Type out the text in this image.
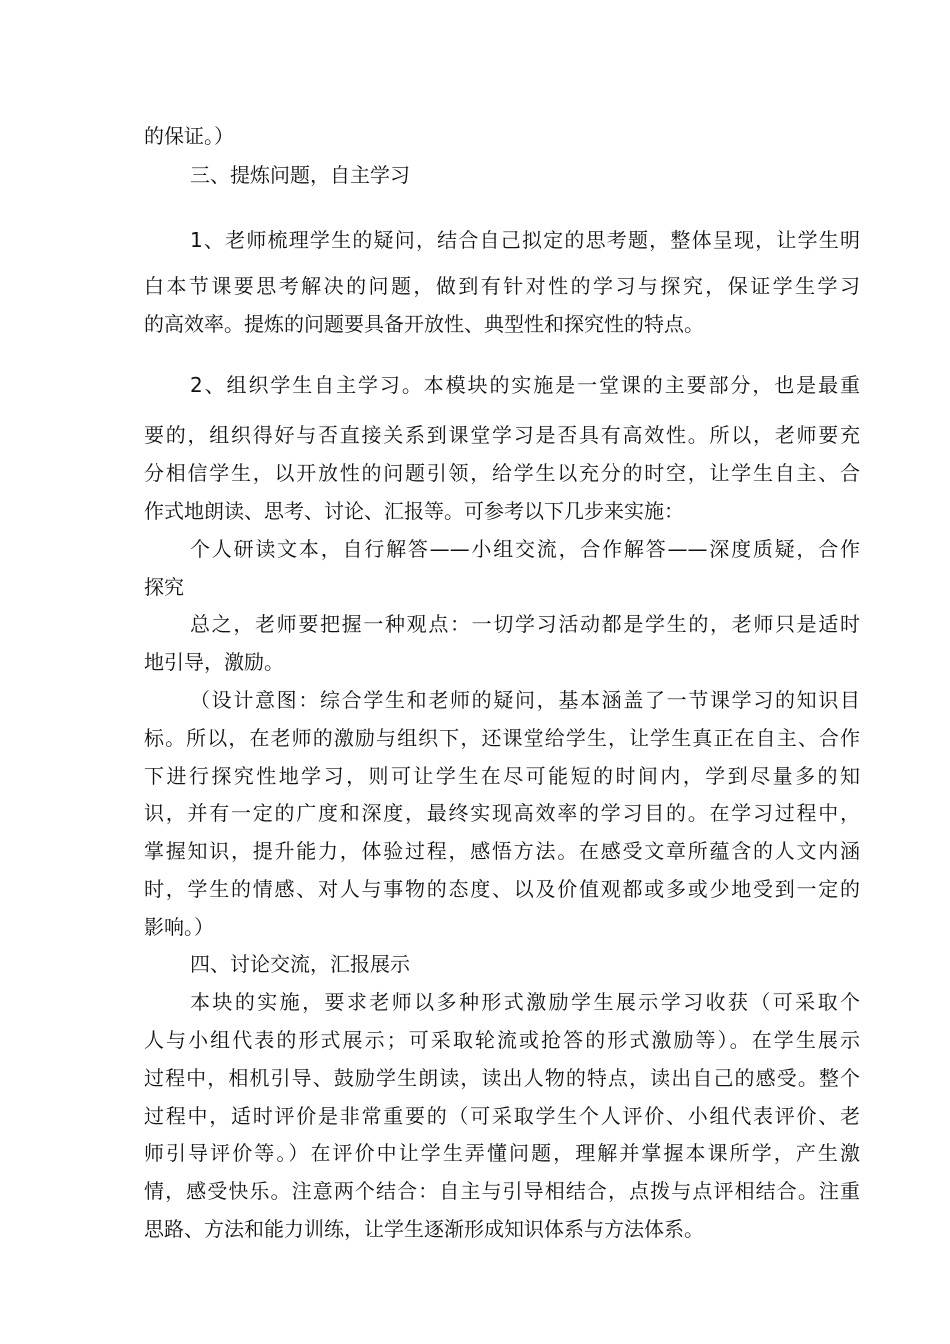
的保证。）
三、提炼问题，自主学习
1、老师梳理学生的疑问，结合自己拟定的思考题，整体呈现，让学生明
白本节课要思考解决的问题，做到有针对性的学习与探究，保证学生学习
的高效率。提炼的问题要具备开放性、典型性和探究性的特点。
2、组织学生自主学习。本模块的实施是一堂课的主要部分，也是最重
要的，组织得好与否直接关系到课堂学习是否具有高效性。所以，老师要充
分相信学生，以开放性的问题引领，给学生以充分的时空，让学生自主、合
作式地朗读、思考、讨论、汇报等。可参考以下几步来实施：
个人研读文本，自行解答——小组交流，合作解答——深度质疑，合作
探究
总之，老师要把握一种观点：一切学习活动都是学生的，老师只是适时
地引导，激励。
（设计意图：综合学生和老师的疑问，基本涵盖了一节课学习的知识目
标。所以，在老师的激励与组织下，还课堂给学生，让学生真正在自主、合作
下进行探究性地学习，则可让学生在尽可能短的时间内，学到尽量多的知
识，并有一定的广度和深度，最终实现高效率的学习目的。在学习过程中，
掌握知识，提升能力，体验过程，感悟方法。在感受文章所蕴含的人文内涵
时，学生的情感、对人与事物的态度、以及价值观都或多或少地受到一定的
影响。）
四、讨论交流，汇报展示
本块的实施，要求老师以多种形式激励学生展示学习收获（可采取个
人与小组代表的形式展示；可采取轮流或抢答的形式激励等）。在学生展示
过程中，相机引导、鼓励学生朗读，读出人物的特点，读出自己的感受。整个
过程中，适时评价是非常重要的（可采取学生个人评价、小组代表评价、老
师引导评价等。）在评价中让学生弄懂问题，理解并掌握本课所学，产生激
情，感受快乐。注意两个结合：自主与引导相结合，点拨与点评相结合。注重
思路、方法和能力训练，让学生逐渐形成知识体系与方法体系。
